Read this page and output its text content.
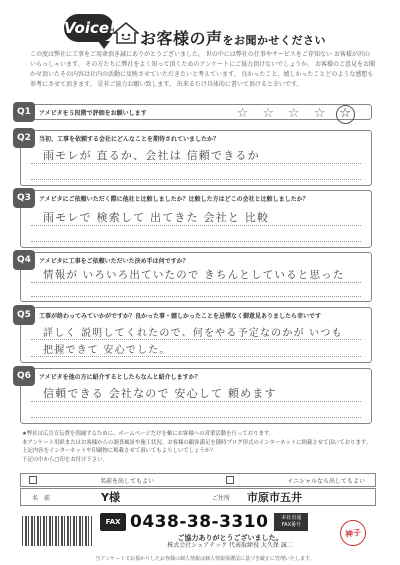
Voice!
お客様の声をお聞かせください
この度は弊社に工事をご用命頂き誠にありがとうございました。 世の中には弊社の仕事やサービスをご存知ない お客様が沢山いらっしゃいます。 その方たちに弊社をよく知って頂くためのアンケートにご協力頂けないでしょうか。 お客様のご意見をお聞かせ頂いたその内容は社内の活動に反映させていただきたいと考えています。 良かったこと、嬉しかったことどのような感想も参考にさせて頂きます。 是非ご協力お願い致します。 出来るだけ具体的に書いて頂けると幸いです。
Q1	アメピタを５段階で評価をお願いします	☆ ☆ ☆ ☆ ☆
Q2	当初、工事を依頼する会社にどんなことを期待されていましたか？
雨モレが 直るか、会社は 信頼できるか
Q3	アメピタにご依頼いただく際に他社と比較しましたか？比較した方はどこの会社と比較しましたか？
雨モレで 検索して 出てきた 会社と 比較
Q4	アメピタに工事をご依頼いただいた決め手は何ですか？
情報が いろいろ出ていたので きちんとしていると思った
Q5	工事が終わってみていかがですか？良かった事・嬉しかったことを忌憚なく御意見ありましたら幸いです
詳しく 説明してくれたので、何をやる予定なのかが いつも
把握できて 安心でした。
Q6	アメピタを他の方に紹介するとしたらなんと紹介しますか？
信頼できる 会社なので 安心して 頼めます
★弊社は広告宣伝費を削減するために、ホームページだけを軸にお客様への営業活動を行っております。
本アンケート用紙またはお客様からの調査風景や施工状況、お客様の顧客満足を随時ブログ形式のインターネットに掲載させて頂いております。
上記内容をインターネットや印刷物に掲載させて頂いてもよろしいでしょうか？
下記の中から□印をお付け下さい。
名前を出してもよい	イニシャルなら出してもよい
名　前	Y様	ご住所	市原市五井
FAX 0438-38-3310	本社直通FAX番号
ご協力ありがとうございました。
株式会社シェアテック 代表取締役 大久保 誠二
神子
当アンケートでお預かりしたお客様の個人情報は個人情報保護法に基づき厳正に管理いたします。
